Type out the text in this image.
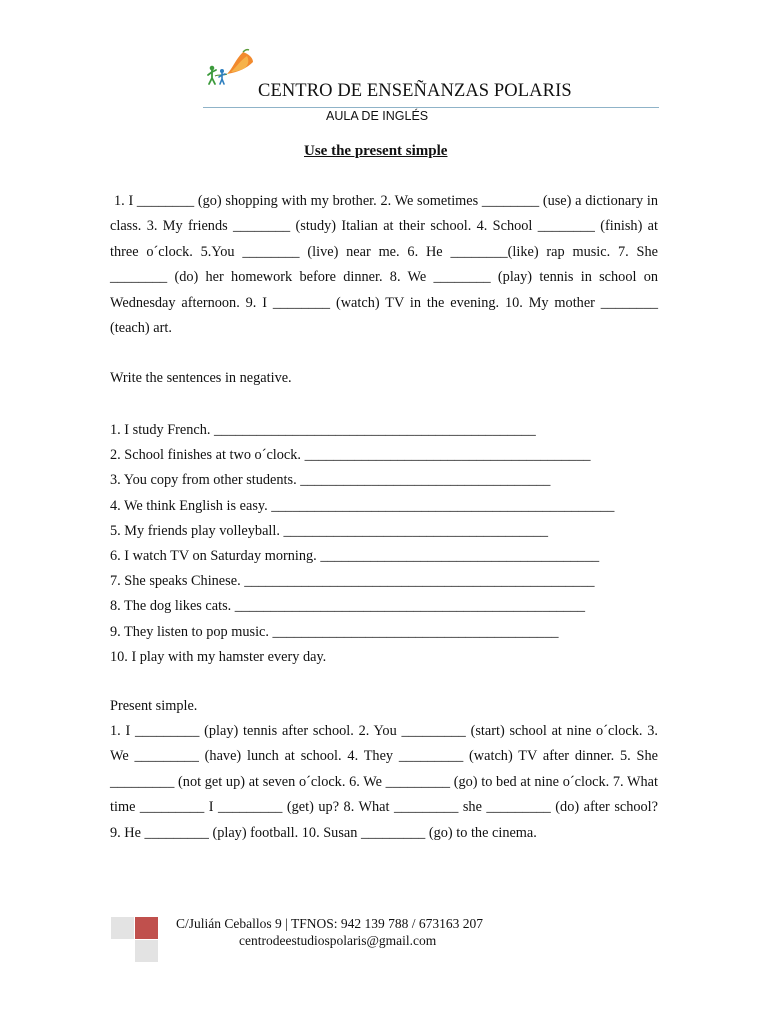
CENTRO DE ENSEÑANZAS POLARIS
AULA DE INGLÉS
Use the present simple
1. I ________ (go) shopping with my brother. 2. We sometimes ________ (use) a dictionary in class. 3. My friends ________ (study) Italian at their school. 4. School ________ (finish) at three o´clock. 5.You ________ (live) near me. 6. He ________(like) rap music. 7. She ________ (do) her homework before dinner. 8. We ________ (play) tennis in school on Wednesday afternoon. 9. I ________ (watch) TV in the evening. 10. My mother ________ (teach) art.
Write the sentences in negative.
1. I study French. _____________________________________________
2. School finishes at two o´clock. ________________________________________
3. You copy from other students. ___________________________________
4. We think English is easy. ________________________________________________
5. My friends play volleyball. _____________________________________
6. I watch TV on Saturday morning. _______________________________________
7. She speaks Chinese. _________________________________________________
8. The dog likes cats. _________________________________________________
9. They listen to pop music. ________________________________________
10. I play with my hamster every day.
Present simple.
1. I _________ (play) tennis after school. 2. You _________ (start) school at nine o´clock. 3. We _________ (have) lunch at school. 4. They _________ (watch) TV after dinner. 5. She _________ (not get up) at seven o´clock. 6. We _________ (go) to bed at nine o´clock. 7. What time _________ I _________ (get) up? 8. What _________ she _________ (do) after school? 9. He _________ (play) football. 10. Susan _________ (go) to the cinema.
C/Julián Ceballos 9 | TFNOS: 942 139 788 / 673163 207
centrodeestudiospolaris@gmail.com
